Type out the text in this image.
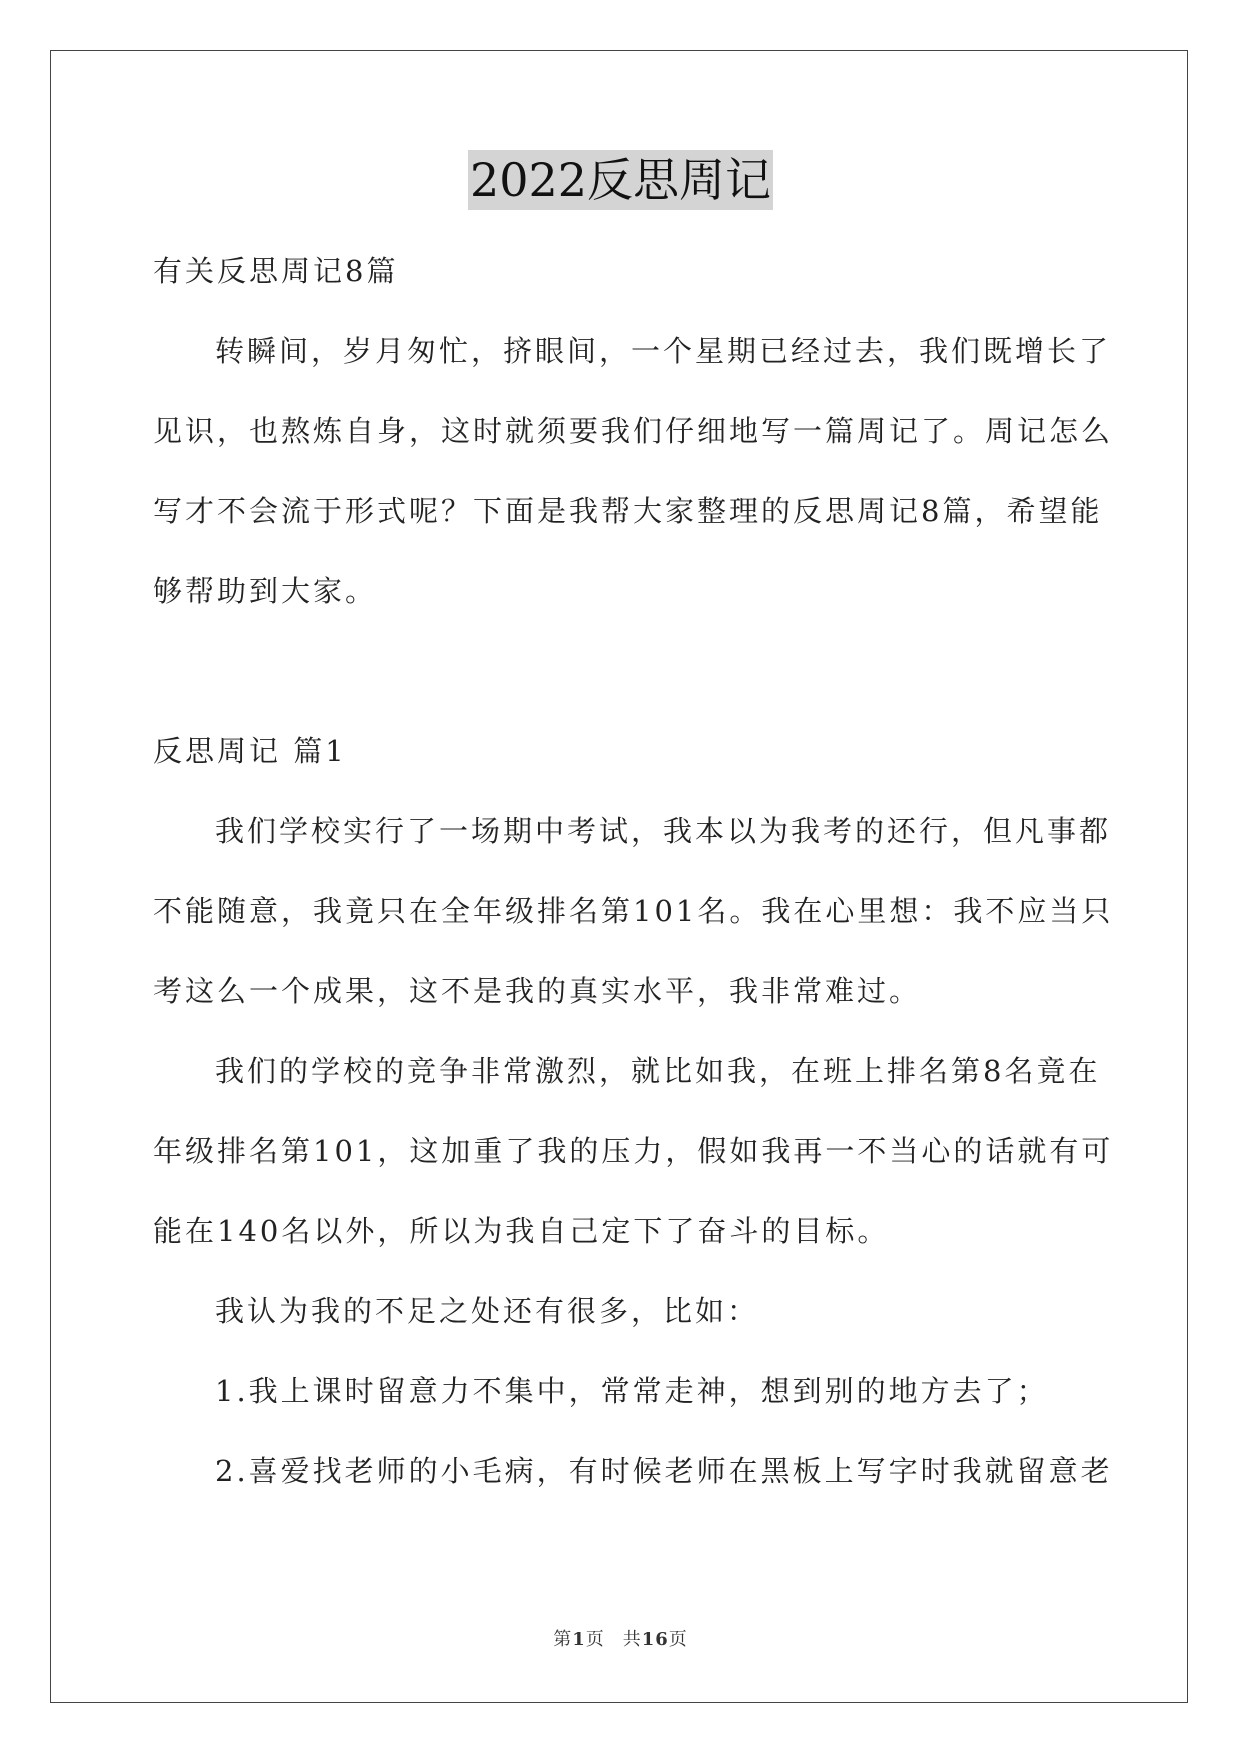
2022反思周记

有关反思周记8篇

转瞬间，岁月匆忙，挤眼间，一个星期已经过去，我们既增长了

见识，也熬炼自身，这时就须要我们仔细地写一篇周记了。周记怎么

写才不会流于形式呢？下面是我帮大家整理的反思周记8篇，希望能

够帮助到大家。

反思周记 篇1

我们学校实行了一场期中考试，我本以为我考的还行，但凡事都

不能随意，我竟只在全年级排名第101名。我在心里想：我不应当只

考这么一个成果，这不是我的真实水平，我非常难过。

我们的学校的竞争非常激烈，就比如我，在班上排名第8名竟在

年级排名第101，这加重了我的压力，假如我再一不当心的话就有可

能在140名以外，所以为我自己定下了奋斗的目标。

我认为我的不足之处还有很多，比如：

1.我上课时留意力不集中，常常走神，想到别的地方去了；

2.喜爱找老师的小毛病，有时候老师在黑板上写字时我就留意老

第1页 共16页
